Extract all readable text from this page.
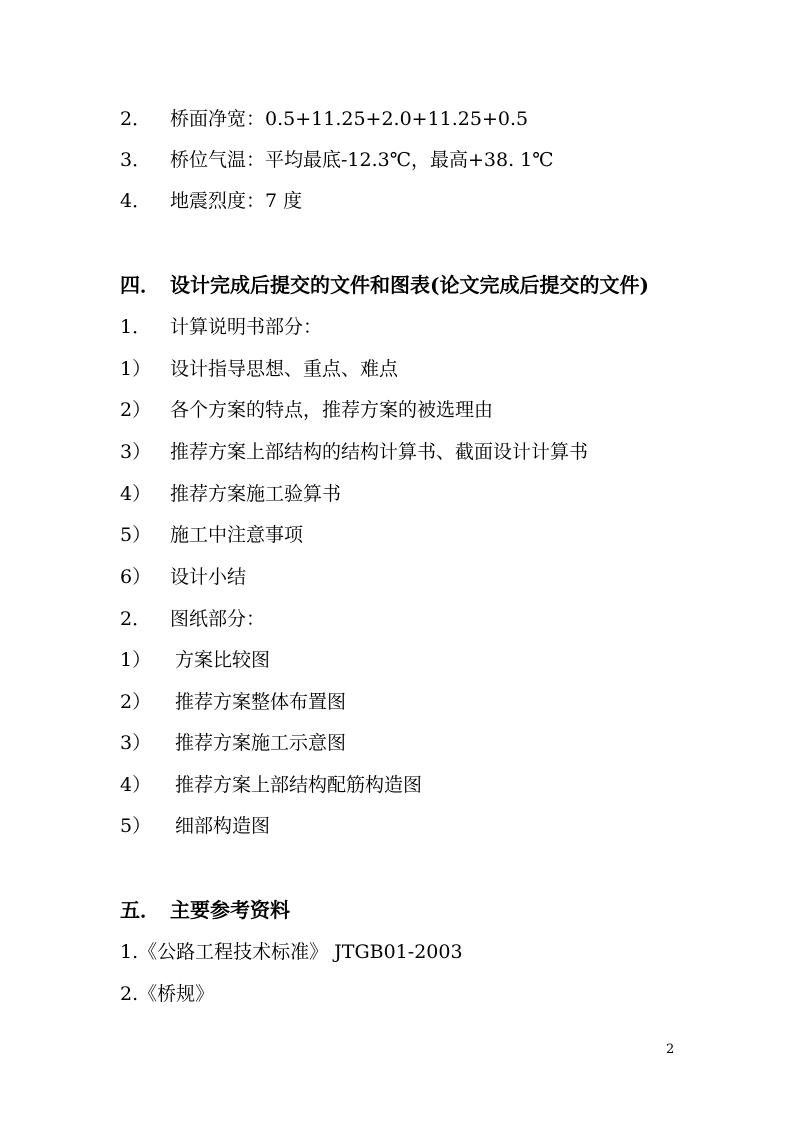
2． 桥面净宽：0.5+11.25+2.0+11.25+0.5
3． 桥位气温：平均最底-12.3℃，最高+38. 1℃
4． 地震烈度：7 度
四． 设计完成后提交的文件和图表(论文完成后提交的文件)
1． 计算说明书部分：
1） 设计指导思想、重点、难点
2） 各个方案的特点，推荐方案的被选理由
3） 推荐方案上部结构的结构计算书、截面设计计算书
4） 推荐方案施工验算书
5） 施工中注意事项
6） 设计小结
2． 图纸部分：
1） 方案比较图
2） 推荐方案整体布置图
3） 推荐方案施工示意图
4） 推荐方案上部结构配筋构造图
5） 细部构造图
五． 主要参考资料
1.《公路工程技术标准》 JTGB01-2003
2.《桥规》
2
